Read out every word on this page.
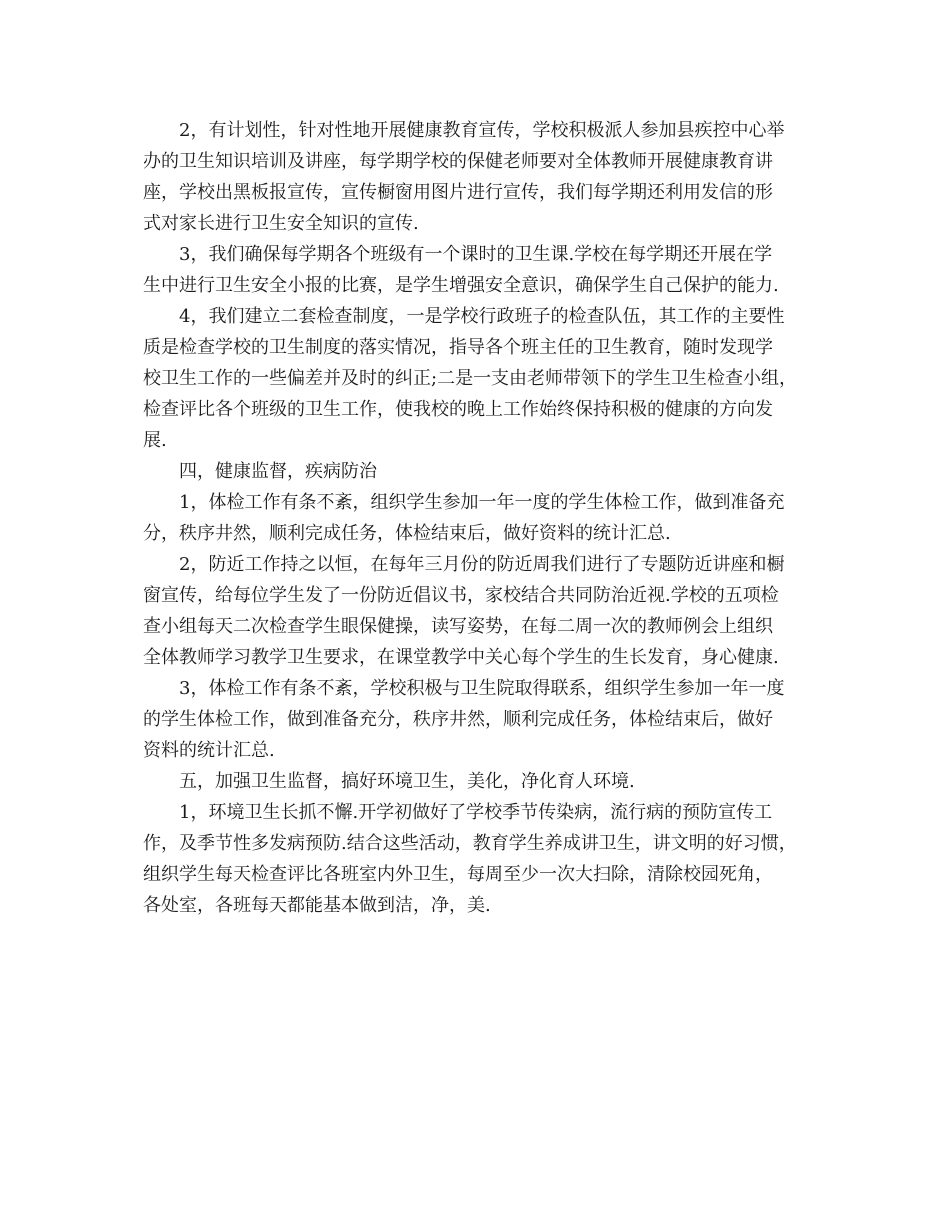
2，有计划性，针对性地开展健康教育宣传，学校积极派人参加县疾控中心举
办的卫生知识培训及讲座，每学期学校的保健老师要对全体教师开展健康教育讲
座，学校出黑板报宣传，宣传橱窗用图片进行宣传，我们每学期还利用发信的形
式对家长进行卫生安全知识的宣传.
3，我们确保每学期各个班级有一个课时的卫生课.学校在每学期还开展在学
生中进行卫生安全小报的比赛，是学生增强安全意识，确保学生自己保护的能力.
4，我们建立二套检查制度，一是学校行政班子的检查队伍，其工作的主要性
质是检查学校的卫生制度的落实情况，指导各个班主任的卫生教育，随时发现学
校卫生工作的一些偏差并及时的纠正;二是一支由老师带领下的学生卫生检查小组，
检查评比各个班级的卫生工作，使我校的晚上工作始终保持积极的健康的方向发
展.
四，健康监督，疾病防治
1，体检工作有条不紊，组织学生参加一年一度的学生体检工作，做到准备充
分，秩序井然，顺利完成任务，体检结束后，做好资料的统计汇总.
2，防近工作持之以恒，在每年三月份的防近周我们进行了专题防近讲座和橱
窗宣传，给每位学生发了一份防近倡议书，家校结合共同防治近视.学校的五项检
查小组每天二次检查学生眼保健操，读写姿势，在每二周一次的教师例会上组织
全体教师学习教学卫生要求，在课堂教学中关心每个学生的生长发育，身心健康.
3，体检工作有条不紊，学校积极与卫生院取得联系，组织学生参加一年一度
的学生体检工作，做到准备充分，秩序井然，顺利完成任务，体检结束后，做好
资料的统计汇总.
五，加强卫生监督，搞好环境卫生，美化，净化育人环境.
1，环境卫生长抓不懈.开学初做好了学校季节传染病，流行病的预防宣传工
作，及季节性多发病预防.结合这些活动，教育学生养成讲卫生，讲文明的好习惯，
组织学生每天检查评比各班室内外卫生，每周至少一次大扫除，清除校园死角，
各处室，各班每天都能基本做到洁，净，美.
